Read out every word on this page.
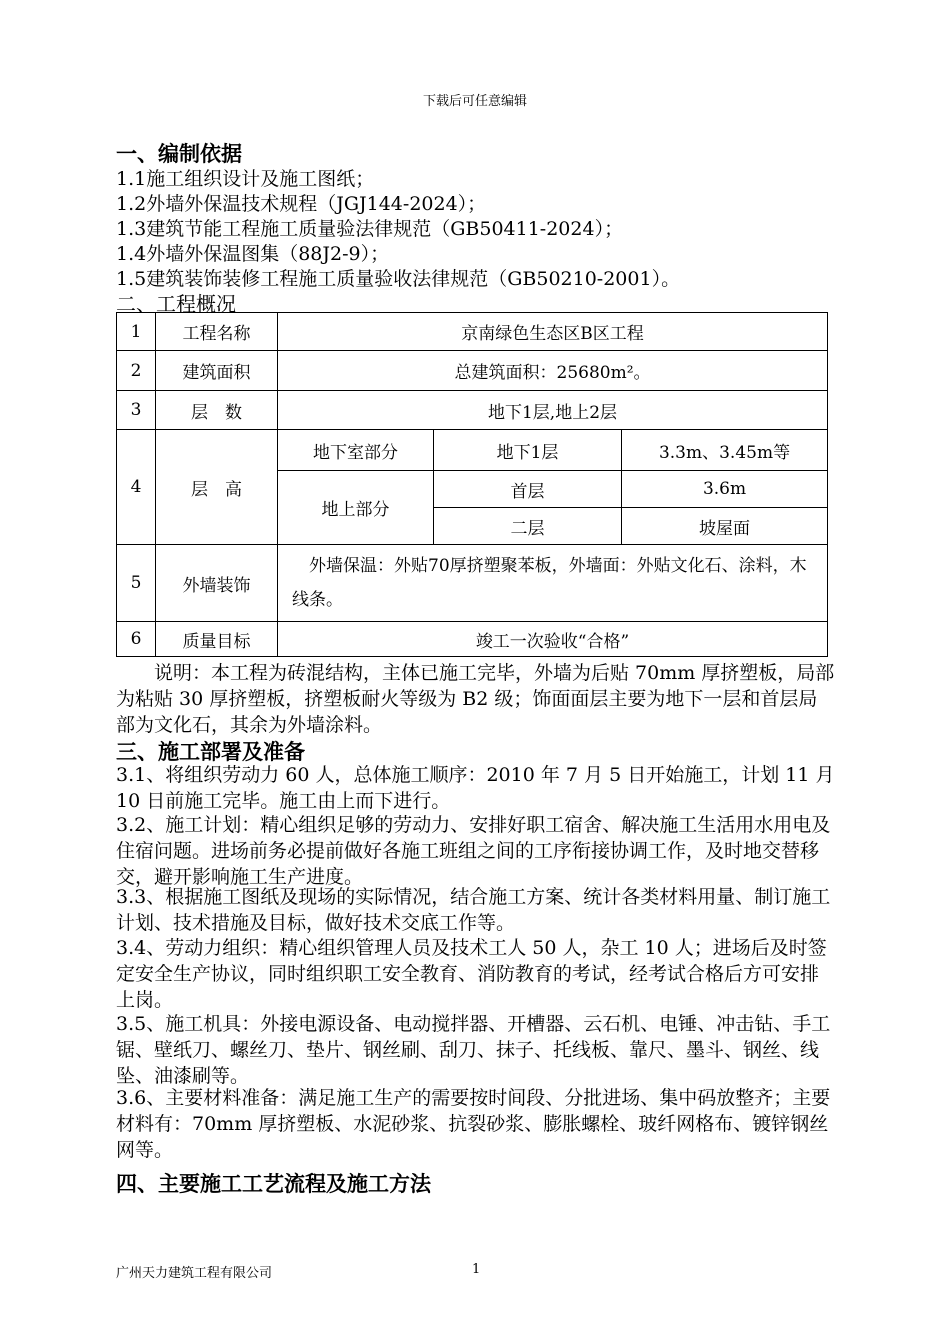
下载后可任意编辑
一、编制依据
1.1施工组织设计及施工图纸；
1.2外墙外保温技术规程（JGJ144-2024）；
1.3建筑节能工程施工质量验法律规范（GB50411-2024）；
1.4外墙外保温图集（88J2-9）；
1.5建筑装饰装修工程施工质量验收法律规范（GB50210-2001）。
二、工程概况
1	工程名称	京南绿色生态区B区工程		
2	建筑面积	总建筑面积：25680m²。		
3	层　数	地下1层,地上2层		
4	层　高	地下室部分	地下1层	3.3m、3.45m等
		地上部分	首层	3.6m
			二层	坡屋面
5	外墙装饰	外墙保温：外贴70厚挤塑聚苯板，外墙面：外贴文化石、涂料，木线条。		
6	质量目标	竣工一次验收“合格”		
说明：本工程为砖混结构，主体已施工完毕，外墙为后贴 70mm 厚挤塑板，局部为粘贴 30 厚挤塑板，挤塑板耐火等级为 B2 级；饰面面层主要为地下一层和首层局部为文化石，其余为外墙涂料。
三、施工部署及准备
3.1、将组织劳动力 60 人，总体施工顺序：2010 年 7 月 5 日开始施工，计划 11 月 10 日前施工完毕。施工由上而下进行。
3.2、施工计划：精心组织足够的劳动力、安排好职工宿舍、解决施工生活用水用电及住宿问题。进场前务必提前做好各施工班组之间的工序衔接协调工作，及时地交替移交，避开影响施工生产进度。
3.3、根据施工图纸及现场的实际情况，结合施工方案、统计各类材料用量、制订施工计划、技术措施及目标，做好技术交底工作等。
3.4、劳动力组织：精心组织管理人员及技术工人 50 人，杂工 10 人；进场后及时签定安全生产协议，同时组织职工安全教育、消防教育的考试，经考试合格后方可安排上岗。
3.5、施工机具：外接电源设备、电动搅拌器、开槽器、云石机、电锤、冲击钻、手工锯、壁纸刀、螺丝刀、垫片、钢丝刷、刮刀、抹子、托线板、靠尺、墨斗、钢丝、线坠、油漆刷等。
3.6、主要材料准备：满足施工生产的需要按时间段、分批进场、集中码放整齐；主要材料有：70mm 厚挤塑板、水泥砂浆、抗裂砂浆、膨胀螺栓、玻纤网格布、镀锌钢丝网等。
四、主要施工工艺流程及施工方法
广州天力建筑工程有限公司	1
